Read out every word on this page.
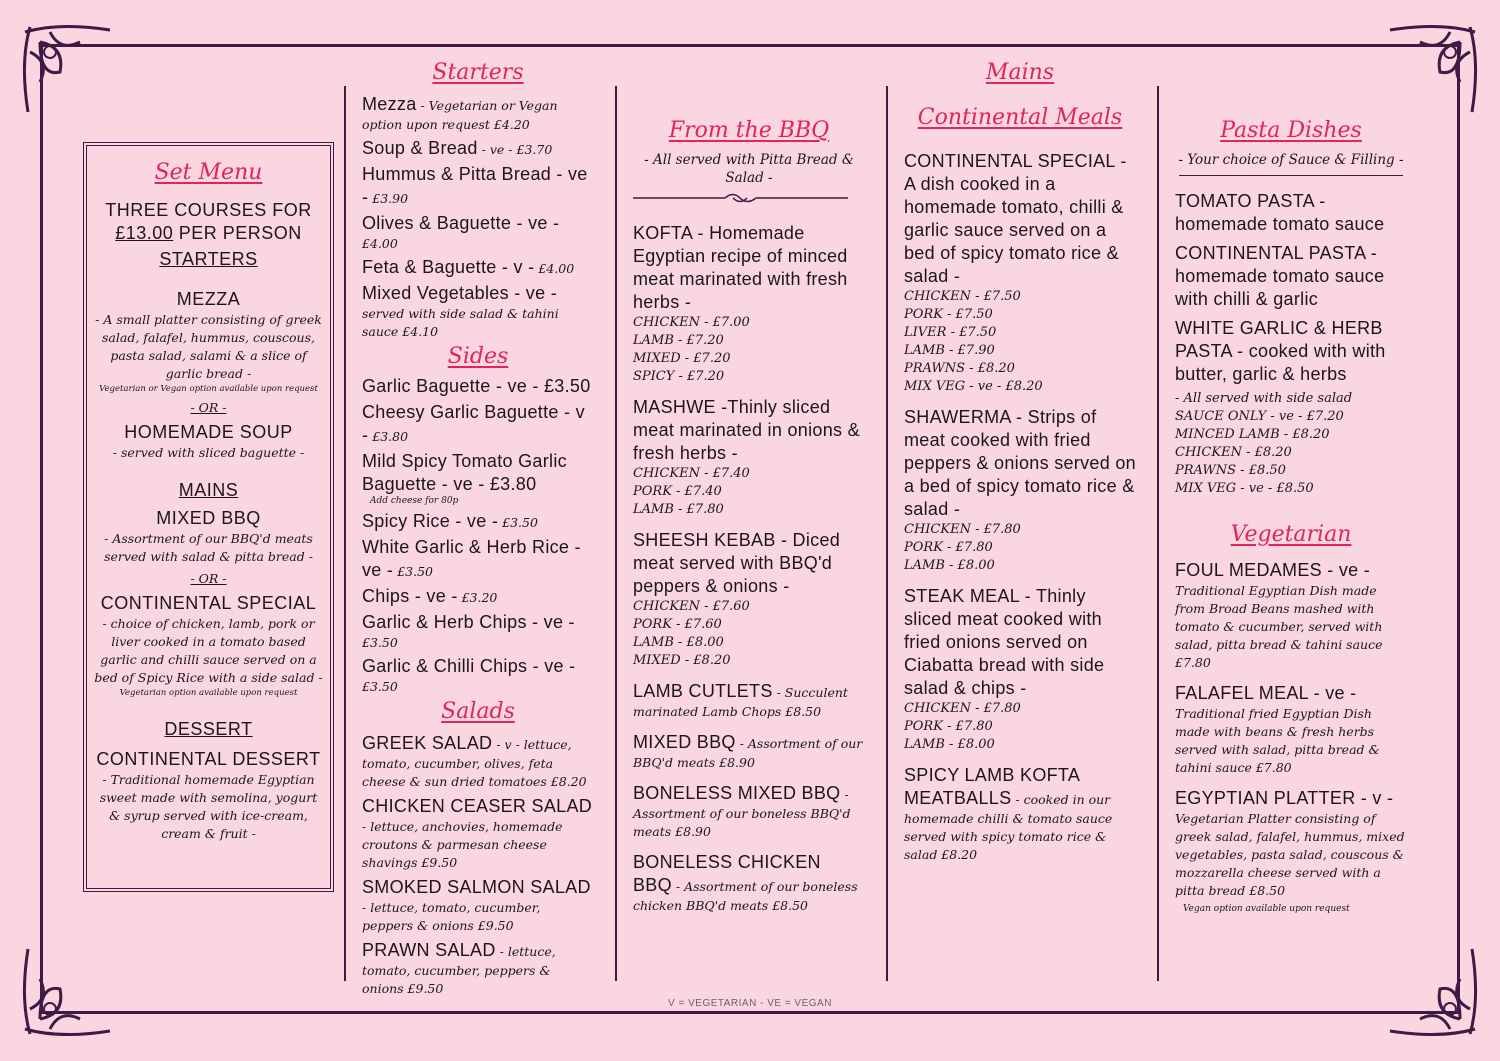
Set Menu
THREE COURSES FOR
£13.00 PER PERSON
STARTERS
MEZZA
- A small platter consisting of greek salad, falafel, hummus, couscous, pasta salad, salami & a slice of garlic bread -
Vegetarian or Vegan option available upon request
- OR -
HOMEMADE SOUP
- served with sliced baguette -
MAINS
MIXED BBQ
- Assortment of our BBQ'd meats served with salad & pitta bread -
- OR -
CONTINENTAL SPECIAL
- choice of chicken, lamb, pork or liver cooked in a tomato based garlic and chilli sauce served on a bed of Spicy Rice with a side salad -
Vegetarian option available upon request
DESSERT
CONTINENTAL DESSERT
- Traditional homemade Egyptian sweet made with semolina, yogurt & syrup served with ice-cream, cream & fruit -
Starters
Mezza - Vegetarian or Vegan option upon request £4.20
Soup & Bread - ve - £3.70
Hummus & Pitta Bread - ve - £3.90
Olives & Baguette - ve - £4.00
Feta & Baguette - v - £4.00
Mixed Vegetables - ve - served with side salad & tahini sauce £4.10
Sides
Garlic Baguette - ve - £3.50
Cheesy Garlic Baguette - v - £3.80
Mild Spicy Tomato Garlic Baguette - ve - £3.80
Add cheese for 80p
Spicy Rice - ve - £3.50
White Garlic & Herb Rice - ve - £3.50
Chips - ve - £3.20
Garlic & Herb Chips - ve - £3.50
Garlic & Chilli Chips - ve - £3.50
Salads
GREEK SALAD - v - lettuce, tomato, cucumber, olives, feta cheese & sun dried tomatoes £8.20
CHICKEN CEASER SALAD - lettuce, anchovies, homemade croutons & parmesan cheese shavings £9.50
SMOKED SALMON SALAD - lettuce, tomato, cucumber, peppers & onions £9.50
PRAWN SALAD - lettuce, tomato, cucumber, peppers & onions £9.50
From the BBQ
- All served with Pitta Bread & Salad -
KOFTA - Homemade Egyptian recipe of minced meat marinated with fresh herbs -
CHICKEN - £7.00
LAMB - £7.20
MIXED - £7.20
SPICY - £7.20
MASHWE -Thinly sliced meat marinated in onions & fresh herbs -
CHICKEN - £7.40
PORK - £7.40
LAMB - £7.80
SHEESH KEBAB - Diced meat served with BBQ'd peppers & onions -
CHICKEN - £7.60
PORK - £7.60
LAMB - £8.00
MIXED - £8.20
LAMB CUTLETS - Succulent marinated Lamb Chops £8.50
MIXED BBQ - Assortment of our BBQ'd meats £8.90
BONELESS MIXED BBQ - Assortment of our boneless BBQ'd meats £8.90
BONELESS CHICKEN BBQ - Assortment of our boneless chicken BBQ'd meats £8.50
Mains
Continental Meals
CONTINENTAL SPECIAL - A dish cooked in a homemade tomato, chilli & garlic sauce served on a bed of spicy tomato rice & salad -
CHICKEN - £7.50
PORK - £7.50
LIVER - £7.50
LAMB - £7.90
PRAWNS - £8.20
MIX VEG - ve - £8.20
SHAWERMA - Strips of meat cooked with fried peppers & onions served on a bed of spicy tomato rice & salad -
CHICKEN - £7.80
PORK - £7.80
LAMB - £8.00
STEAK MEAL - Thinly sliced meat cooked with fried onions served on Ciabatta bread with side salad & chips -
CHICKEN - £7.80
PORK - £7.80
LAMB - £8.00
SPICY LAMB KOFTA MEATBALLS - cooked in our homemade chilli & tomato sauce served with spicy tomato rice & salad £8.20
Pasta Dishes
- Your choice of Sauce & Filling -
TOMATO PASTA - homemade tomato sauce
CONTINENTAL PASTA - homemade tomato sauce with chilli & garlic
WHITE GARLIC & HERB PASTA - cooked with with butter, garlic & herbs
- All served with side salad
SAUCE ONLY - ve - £7.20
MINCED LAMB - £8.20
CHICKEN - £8.20
PRAWNS - £8.50
MIX VEG - ve - £8.50
Vegetarian
FOUL MEDAMES - ve -
Traditional Egyptian Dish made from Broad Beans mashed with tomato & cucumber, served with salad, pitta bread & tahini sauce £7.80
FALAFEL MEAL - ve -
Traditional fried Egyptian Dish made with beans & fresh herbs served with salad, pitta bread & tahini sauce £7.80
EGYPTIAN PLATTER - v -
Vegetarian Platter consisting of greek salad, falafel, hummus, mixed vegetables, pasta salad, couscous & mozzarella cheese served with a pitta bread £8.50
Vegan option available upon request
V = VEGETARIAN - VE = VEGAN
